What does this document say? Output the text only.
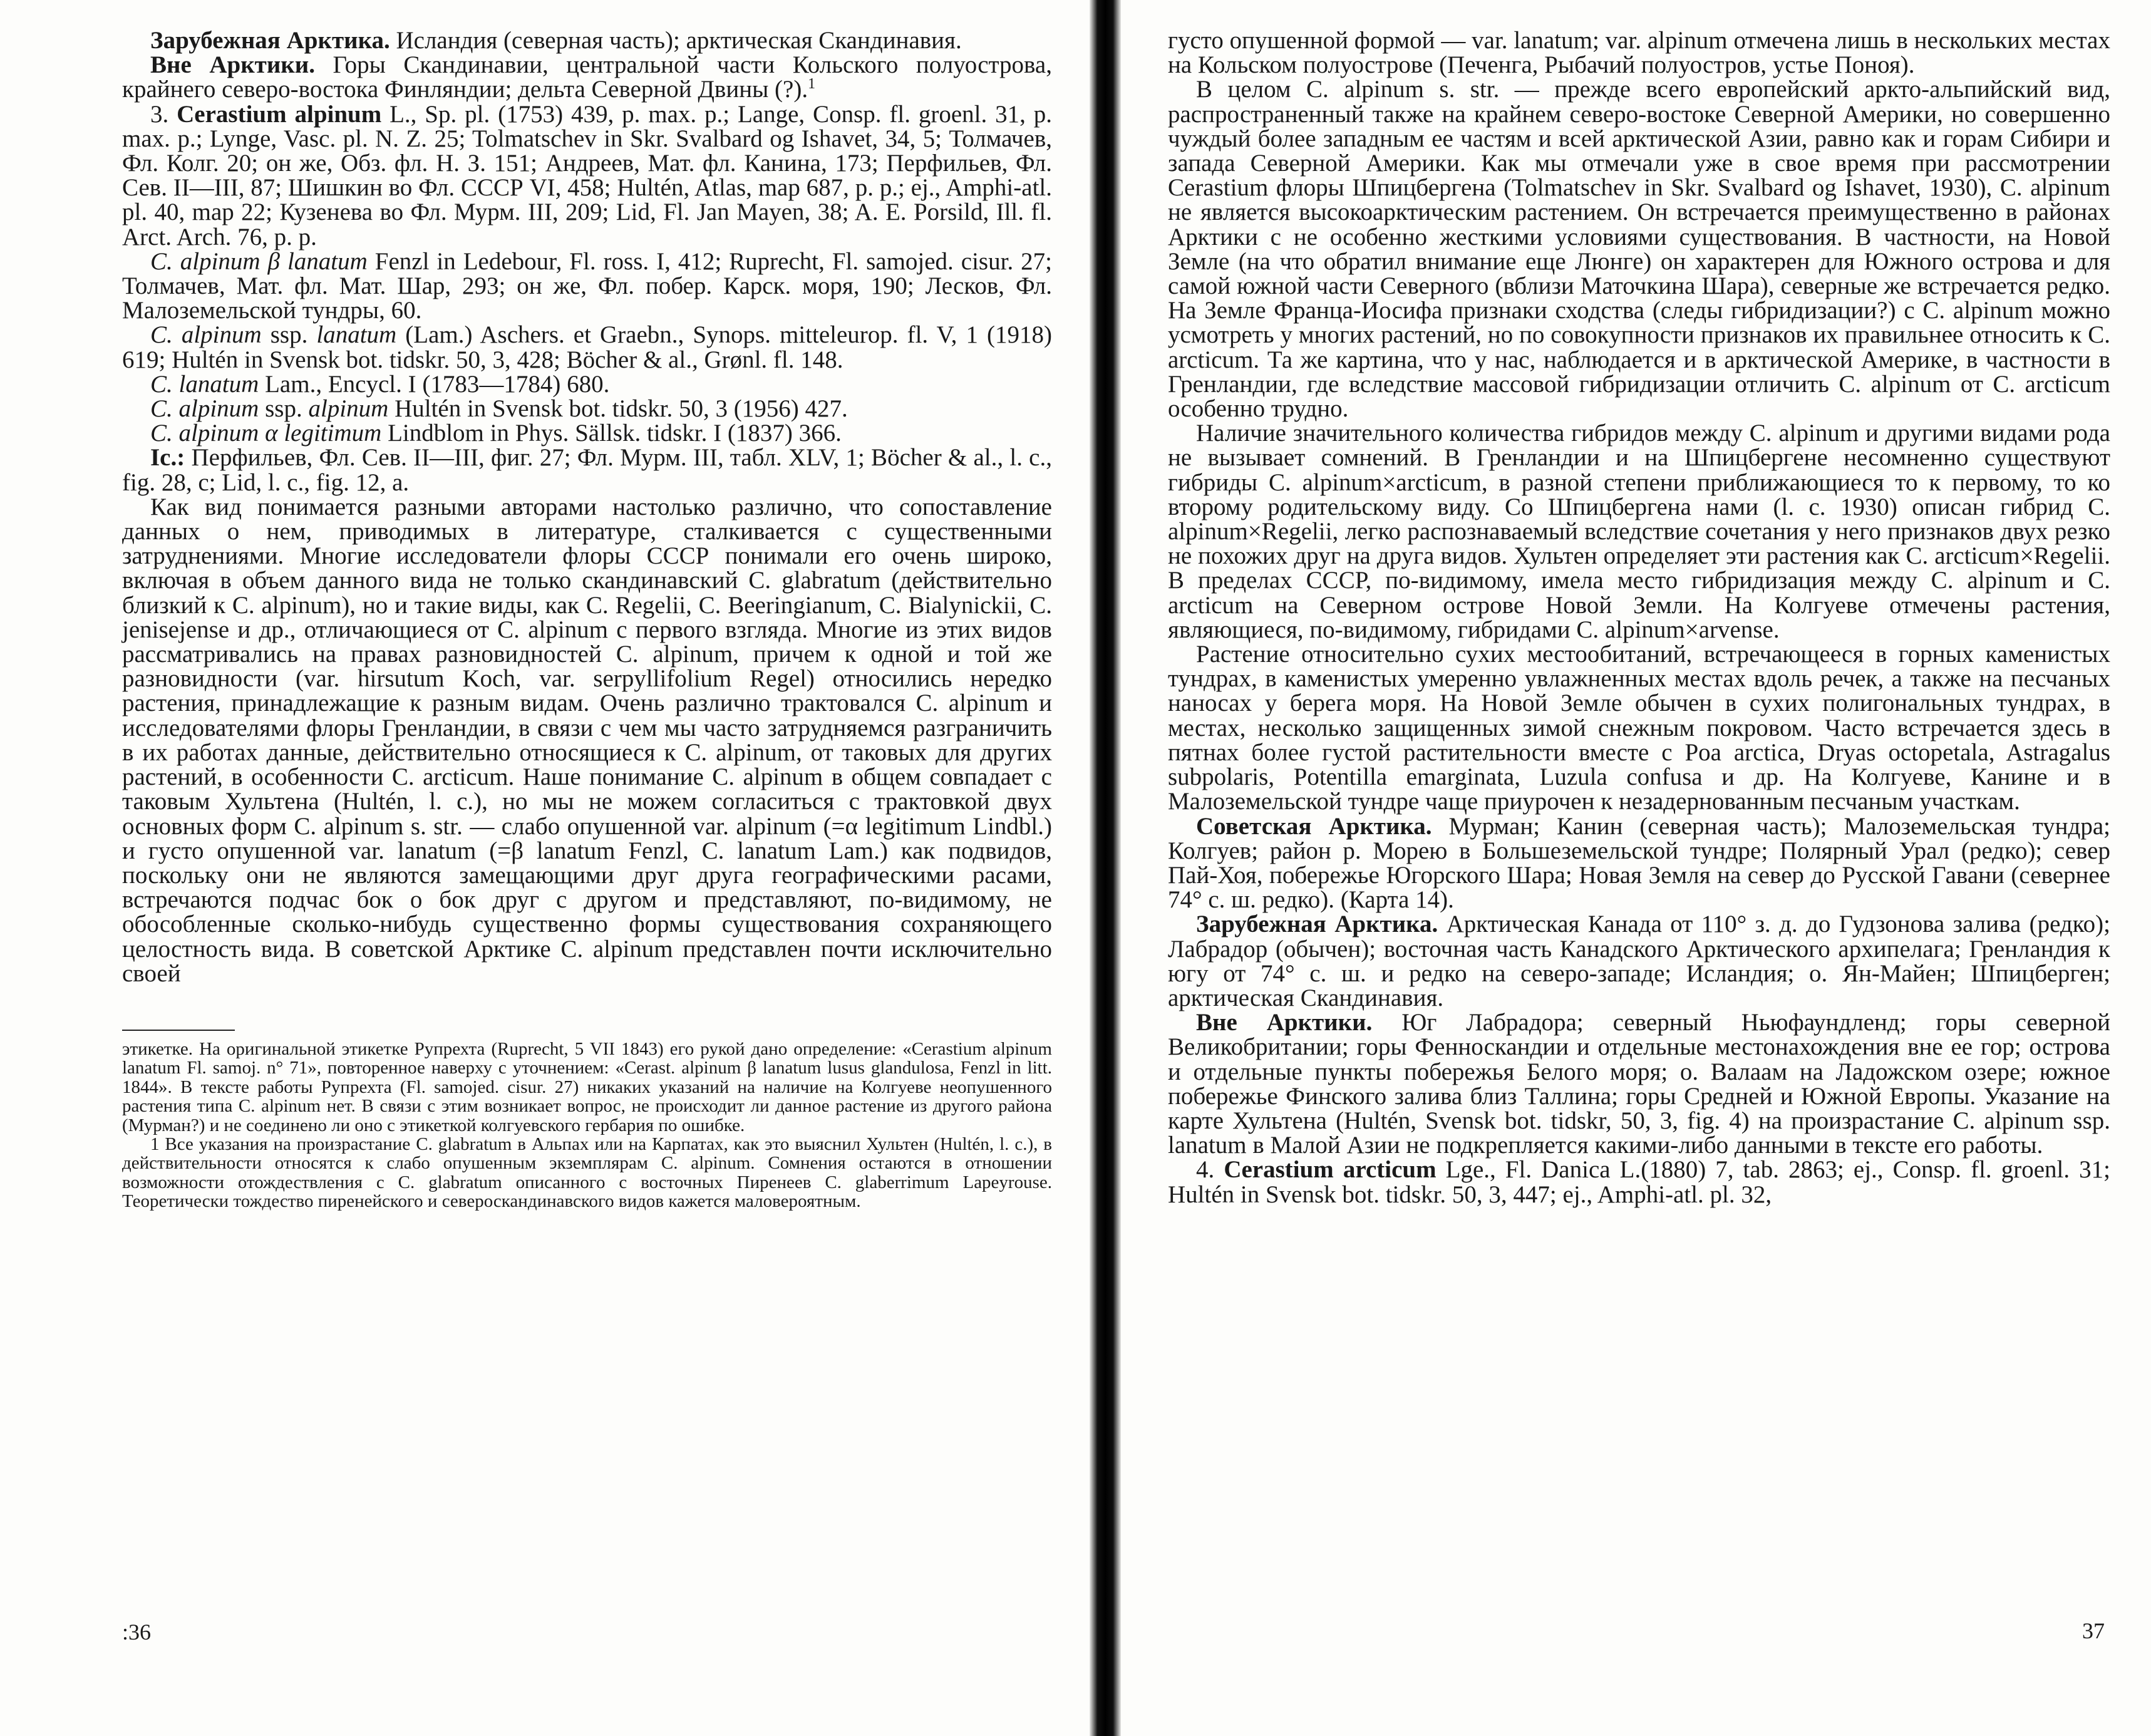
Зарубежная Арктика. Исландия (северная часть); арктическая Скандинавия.

Вне Арктики. Горы Скандинавии, центральной части Кольского полуострова, крайнего северо-востока Финляндии; дельта Северной Двины (?).$^1$

3. Cerastium alpinum L., Sp. pl. (1753) 439, p. max. p.; Lange, Consp. fl. groenl. 31, p. max. p.; Lynge, Vasc. pl. N. Z. 25; Tolmatschev in Skr. Svalbard og Ishavet, 34, 5; Толмачев, Фл. Колг. 20; он же, Обз. фл. Н. З. 151; Андреев, Мат. фл. Канина, 173; Перфильев, Фл. Сев. II—III, 87; Шишкин во Фл. СССР VI, 458; Hultén, Atlas, map 687, p. p.; ej., Amphi-atl. pl. 40, map 22; Кузенева во Фл. Мурм. III, 209; Lid, Fl. Jan Mayen, 38; A. E. Porsild, Ill. fl. Arct. Arch. 76, p. p.

C. alpinum β lanatum Fenzl in Ledebour, Fl. ross. I, 412; Ruprecht, Fl. samojed. cisur. 27; Толмачев, Мат. фл. Мат. Шар, 293; он же, Фл. побер. Карск. моря, 190; Лесков, Фл. Малоземельской тундры, 60.

C. alpinum ssp. lanatum (Lam.) Aschers. et Graebn., Synops. mitteleurop. fl. V, 1 (1918) 619; Hultén in Svensk bot. tidskr. 50, 3, 428; Böcher & al., Grønl. fl. 148.

C. lanatum Lam., Encycl. I (1783—1784) 680.

C. alpinum ssp. alpinum Hultén in Svensk bot. tidskr. 50, 3 (1956) 427.

C. alpinum α legitimum Lindblom in Phys. Sällsk. tidskr. I (1837) 366.

Ic.: Перфильев, Фл. Сев. II—III, фиг. 27; Фл. Мурм. III, табл. XLV, 1; Böcher & al., l. c., fig. 28, c; Lid, l. c., fig. 12, a.

Как вид понимается разными авторами настолько различно, что сопоставление данных о нем, приводимых в литературе, сталкивается с существенными затруднениями. Многие исследователи флоры СССР понимали его очень широко, включая в объем данного вида не только скандинавский C. glabratum (действительно близкий к C. alpinum), но и такие виды, как C. Regelii, C. Beeringianum, C. Bialynickii, C. jenisejense и др., отличающиеся от C. alpinum с первого взгляда. Многие из этих видов рассматривались на правах разновидностей C. alpinum, причем к одной и той же разновидности (var. hirsutum Koch, var. serpyllifolium Regel) относились нередко растения, принадлежащие к разным видам. Очень различно трактовался C. alpinum и исследователями флоры Гренландии, в связи с чем мы часто затрудняемся разграничить в их работах данные, действительно относящиеся к C. alpinum, от таковых для других растений, в особенности C. arcticum. Наше понимание C. alpinum в общем совпадает с таковым Хультена (Hultén, l. c.), но мы не можем согласиться с трактовкой двух основных форм C. alpinum s. str. — слабо опушенной var. alpinum (=α legitimum Lindbl.) и густо опушенной var. lanatum (=β lanatum Fenzl, C. lanatum Lam.) как подвидов, поскольку они не являются замещающими друг друга географическими расами, встречаются подчас бок о бок друг с другом и представляют, по-видимому, не обособленные сколько-нибудь существенно формы существования сохраняющего целостность вида. В советской Арктике C. alpinum представлен почти исключительно своей

этикетке. На оригинальной этикетке Рупрехта (Ruprecht, 5 VII 1843) его рукой дано определение: «Cerastium alpinum lanatum Fl. samoj. n° 71», повторенное наверху с уточнением: «Cerast. alpinum β lanatum lusus glandulosa, Fenzl in litt. 1844». В тексте работы Рупрехта (Fl. samojed. cisur. 27) никаких указаний на наличие на Колгуеве неопушенного растения типа C. alpinum нет. В связи с этим возникает вопрос, не происходит ли данное растение из другого района (Мурман?) и не соединено ли оно с этикеткой колгуевского гербария по ошибке.

1 Все указания на произрастание C. glabratum в Альпах или на Карпатах, как это выяснил Хультен (Hultén, l. c.), в действительности относятся к слабо опушенным экземплярам C. alpinum. Сомнения остаются в отношении возможности отождествления с C. glabratum описанного с восточных Пиренеев C. glaberrimum Lapeyrouse. Теоретически тождество пиренейского и североскандинавского видов кажется маловероятным.

:36

густо опушенной формой — var. lanatum; var. alpinum отмечена лишь в нескольких местах на Кольском полуострове (Печенга, Рыбачий полуостров, устье Поноя).

В целом C. alpinum s. str. — прежде всего европейский аркто-альпийский вид, распространенный также на крайнем северо-востоке Северной Америки, но совершенно чуждый более западным ее частям и всей арктической Азии, равно как и горам Сибири и запада Северной Америки. Как мы отмечали уже в свое время при рассмотрении Cerastium флоры Шпицбергена (Tolmatschev in Skr. Svalbard og Ishavet, 1930), C. alpinum не является высокоарктическим растением. Он встречается преимущественно в районах Арктики с не особенно жесткими условиями существования. В частности, на Новой Земле (на что обратил внимание еще Люнге) он характерен для Южного острова и для самой южной части Северного (вблизи Маточкина Шара), северные же встречается редко. На Земле Франца-Иосифа признаки сходства (следы гибридизации?) с C. alpinum можно усмотреть у многих растений, но по совокупности признаков их правильнее относить к C. arcticum. Та же картина, что у нас, наблюдается и в арктической Америке, в частности в Гренландии, где вследствие массовой гибридизации отличить C. alpinum от C. arcticum особенно трудно.

Наличие значительного количества гибридов между C. alpinum и другими видами рода не вызывает сомнений. В Гренландии и на Шпицбергене несомненно существуют гибриды C. alpinum×arcticum, в разной степени приближающиеся то к первому, то ко второму родительскому виду. Со Шпицбергена нами (l. c. 1930) описан гибрид C. alpinum×Regelii, легко распознаваемый вследствие сочетания у него признаков двух резко не похожих друг на друга видов. Хультен определяет эти растения как C. arcticum×Regelii. В пределах СССР, по-видимому, имела место гибридизация между C. alpinum и C. arcticum на Северном острове Новой Земли. На Колгуеве отмечены растения, являющиеся, по-видимому, гибридами C. alpinum×arvense.

Растение относительно сухих местообитаний, встречающееся в горных каменистых тундрах, в каменистых умеренно увлажненных местах вдоль речек, а также на песчаных наносах у берега моря. На Новой Земле обычен в сухих полигональных тундрах, в местах, несколько защищенных зимой снежным покровом. Часто встречается здесь в пятнах более густой растительности вместе с Poa arctica, Dryas octopetala, Astragalus subpolaris, Potentilla emarginata, Luzula confusa и др. На Колгуеве, Канине и в Малоземельской тундре чаще приурочен к незадернованным песчаным участкам.

Советская Арктика. Мурман; Канин (северная часть); Малоземельская тундра; Колгуев; район р. Морею в Большеземельской тундре; Полярный Урал (редко); север Пай-Хоя, побережье Югорского Шара; Новая Земля на север до Русской Гавани (севернее 74° с. ш. редко). (Карта 14).

Зарубежная Арктика. Арктическая Канада от 110° з. д. до Гудзонова залива (редко); Лабрадор (обычен); восточная часть Канадского Арктического архипелага; Гренландия к югу от 74° с. ш. и редко на северо-западе; Исландия; о. Ян-Майен; Шпицберген; арктическая Скандинавия.

Вне Арктики. Юг Лабрадора; северный Ньюфаундленд; горы северной Великобритании; горы Фенноскандии и отдельные местонахождения вне ее гор; острова и отдельные пункты побережья Белого моря; о. Валаам на Ладожском озере; южное побережье Финского залива близ Таллина; горы Средней и Южной Европы. Указание на карте Хультена (Hultén, Svensk bot. tidskr, 50, 3, fig. 4) на произрастание C. alpinum ssp. lanatum в Малой Азии не подкрепляется какими-либо данными в тексте его работы.

4. Cerastium arcticum Lge., Fl. Danica L.(1880) 7, tab. 2863; ej., Consp. fl. groenl. 31; Hultén in Svensk bot. tidskr. 50, 3, 447; ej., Amphi-atl. pl. 32,

37
